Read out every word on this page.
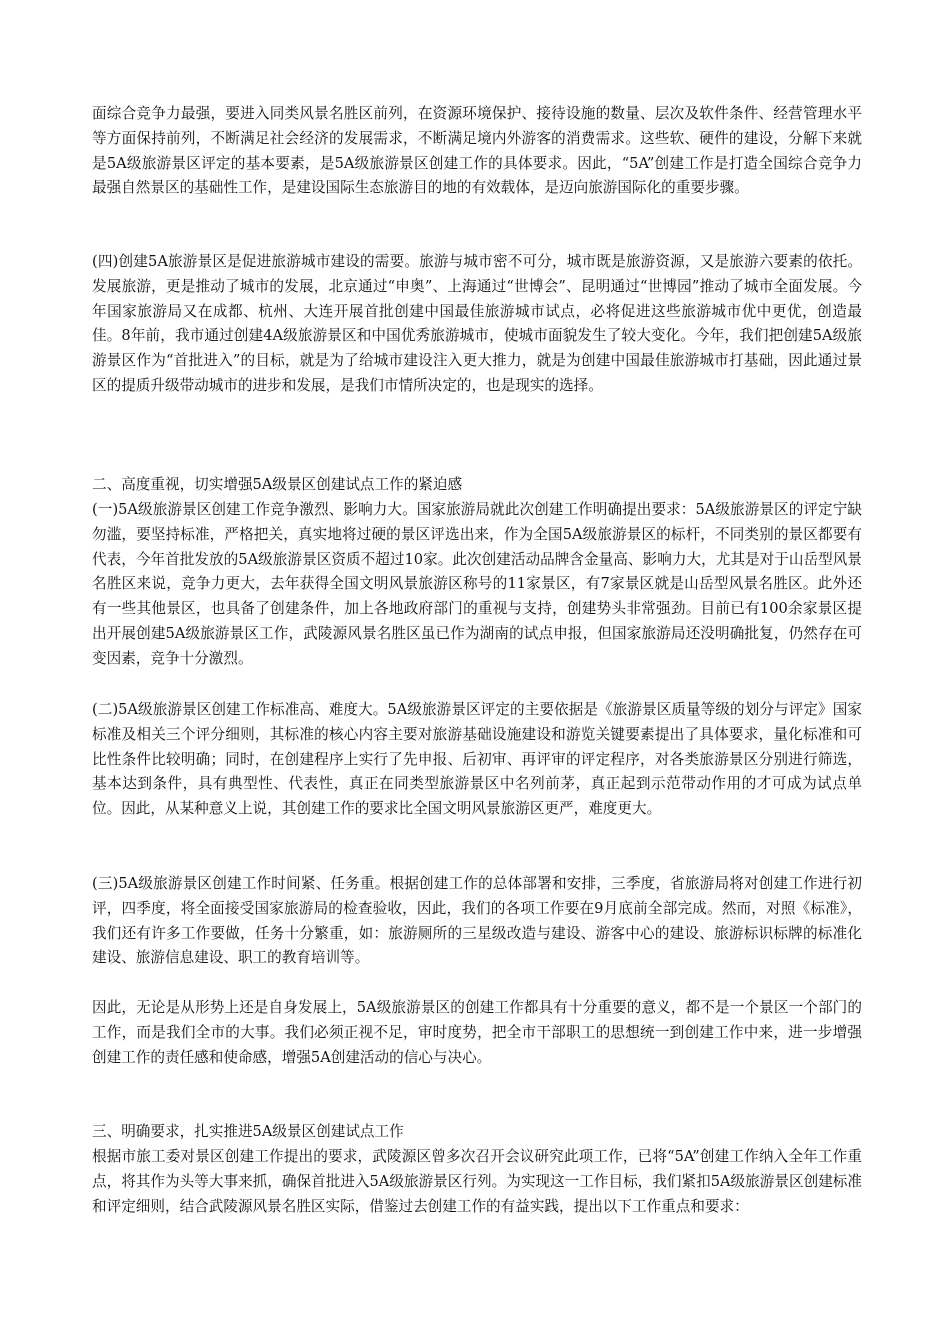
面综合竞争力最强，要进入同类风景名胜区前列，在资源环境保护、接待设施的数量、层次及软件条件、经营管理水平等方面保持前列，不断满足社会经济的发展需求，不断满足境内外游客的消费需求。这些软、硬件的建设，分解下来就是5A级旅游景区评定的基本要素，是5A级旅游景区创建工作的具体要求。因此，“5A”创建工作是打造全国综合竞争力最强自然景区的基础性工作，是建设国际生态旅游目的地的有效载体，是迈向旅游国际化的重要步骤。

(四)创建5A旅游景区是促进旅游城市建设的需要。旅游与城市密不可分，城市既是旅游资源，又是旅游六要素的依托。发展旅游，更是推动了城市的发展，北京通过“申奥”、上海通过“世博会”、昆明通过“世博园”推动了城市全面发展。今年国家旅游局又在成都、杭州、大连开展首批创建中国最佳旅游城市试点，必将促进这些旅游城市优中更优，创造最佳。8年前，我市通过创建4A级旅游景区和中国优秀旅游城市，使城市面貌发生了较大变化。今年，我们把创建5A级旅游景区作为“首批进入”的目标，就是为了给城市建设注入更大推力，就是为创建中国最佳旅游城市打基础，因此通过景区的提质升级带动城市的进步和发展，是我们市情所决定的，也是现实的选择。

二、高度重视，切实增强5A级景区创建试点工作的紧迫感

(一)5A级旅游景区创建工作竞争激烈、影响力大。国家旅游局就此次创建工作明确提出要求：5A级旅游景区的评定宁缺勿滥，要坚持标准，严格把关，真实地将过硬的景区评选出来，作为全国5A级旅游景区的标杆，不同类别的景区都要有代表，今年首批发放的5A级旅游景区资质不超过10家。此次创建活动品牌含金量高、影响力大，尤其是对于山岳型风景名胜区来说，竞争力更大，去年获得全国文明风景旅游区称号的11家景区，有7家景区就是山岳型风景名胜区。此外还有一些其他景区，也具备了创建条件，加上各地政府部门的重视与支持，创建势头非常强劲。目前已有100余家景区提出开展创建5A级旅游景区工作，武陵源风景名胜区虽已作为湖南的试点申报，但国家旅游局还没明确批复，仍然存在可变因素，竞争十分激烈。

(二)5A级旅游景区创建工作标准高、难度大。5A级旅游景区评定的主要依据是《旅游景区质量等级的划分与评定》国家标准及相关三个评分细则，其标准的核心内容主要对旅游基础设施建设和游览关键要素提出了具体要求，量化标准和可比性条件比较明确；同时，在创建程序上实行了先申报、后初审、再评审的评定程序，对各类旅游景区分别进行筛选，基本达到条件，具有典型性、代表性，真正在同类型旅游景区中名列前茅，真正起到示范带动作用的才可成为试点单位。因此，从某种意义上说，其创建工作的要求比全国文明风景旅游区更严，难度更大。

(三)5A级旅游景区创建工作时间紧、任务重。根据创建工作的总体部署和安排，三季度，省旅游局将对创建工作进行初评，四季度，将全面接受国家旅游局的检查验收，因此，我们的各项工作要在9月底前全部完成。然而，对照《标准》，我们还有许多工作要做，任务十分繁重，如：旅游厕所的三星级改造与建设、游客中心的建设、旅游标识标牌的标准化建设、旅游信息建设、职工的教育培训等。

因此，无论是从形势上还是自身发展上，5A级旅游景区的创建工作都具有十分重要的意义，都不是一个景区一个部门的工作，而是我们全市的大事。我们必须正视不足，审时度势，把全市干部职工的思想统一到创建工作中来，进一步增强创建工作的责任感和使命感，增强5A创建活动的信心与决心。

三、明确要求，扎实推进5A级景区创建试点工作

根据市旅工委对景区创建工作提出的要求，武陵源区曾多次召开会议研究此项工作，已将“5A”创建工作纳入全年工作重点，将其作为头等大事来抓，确保首批进入5A级旅游景区行列。为实现这一工作目标，我们紧扣5A级旅游景区创建标准和评定细则，结合武陵源风景名胜区实际，借鉴过去创建工作的有益实践，提出以下工作重点和要求：
